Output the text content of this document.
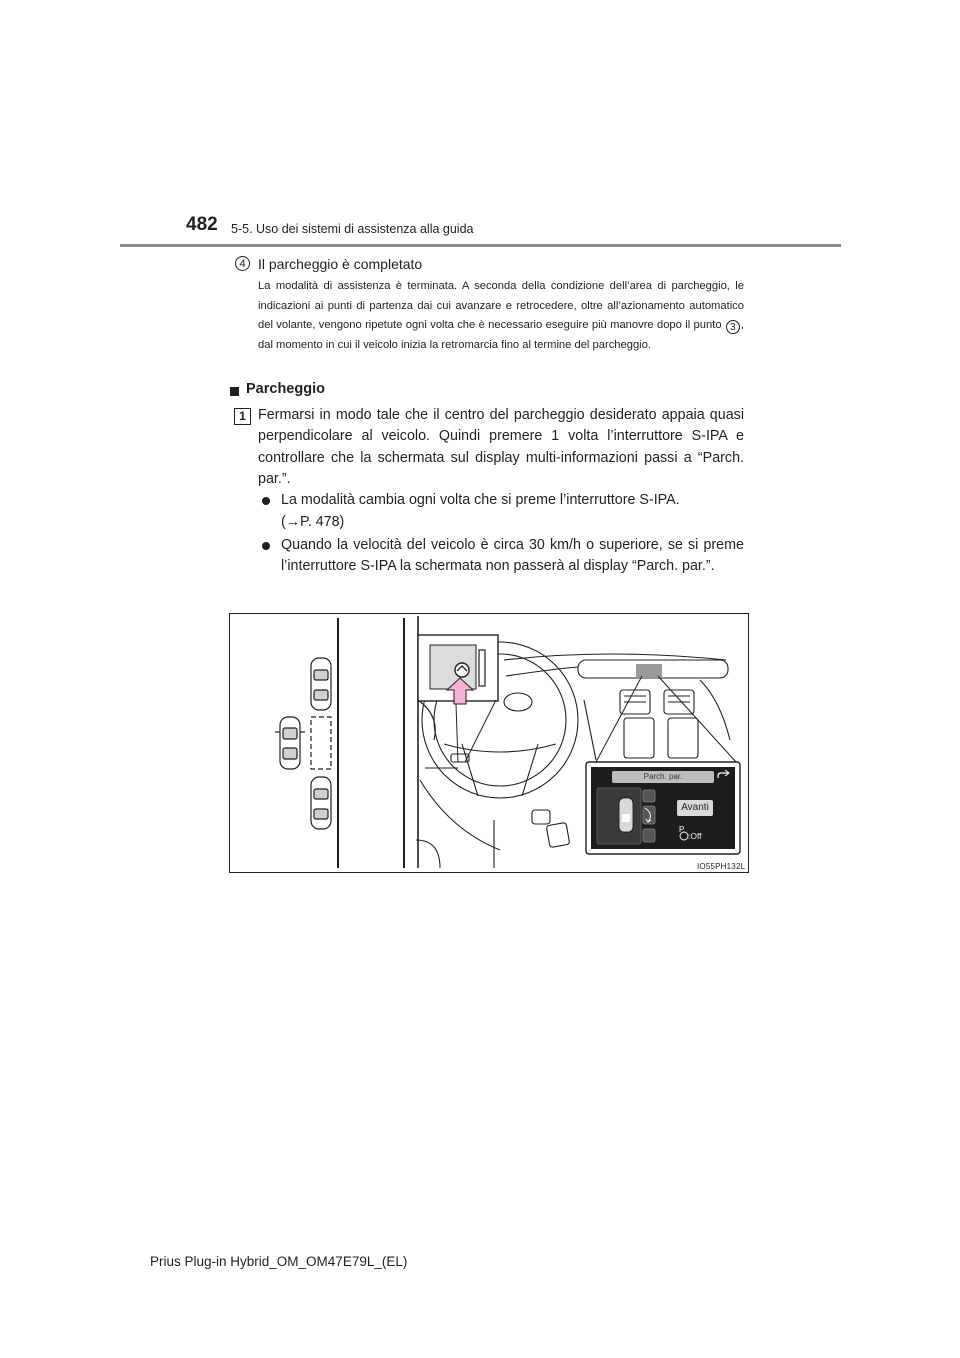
482 5-5. Uso dei sistemi di assistenza alla guida
4 Il parcheggio è completato
La modalità di assistenza è terminata. A seconda della condizione dell’area di parcheggio, le indicazioni ai punti di partenza dai cui avanzare e retrocedere, oltre all’azionamento automatico del volante, vengono ripetute ogni volta che è necessario eseguire più manovre dopo il punto 3 , dal momento in cui il veicolo inizia la retromarcia fino al termine del parcheggio.
Parcheggio
1 Fermarsi in modo tale che il centro del parcheggio desiderato appaia quasi perpendicolare al veicolo. Quindi premere 1 volta l’interruttore S-IPA e controllare che la schermata sul display multi-informazioni passi a “Parch. par.”.
La modalità cambia ogni volta che si preme l’interruttore S-IPA.
(→P. 478)
Quando la velocità del veicolo è circa 30 km/h o superiore, se si preme l’interruttore S-IPA la schermata non passerà al display “Parch. par.”.
P
Parch. par.
Avanti
:Off
IO55PH132L
Prius Plug-in Hybrid_OM_OM47E79L_(EL)
